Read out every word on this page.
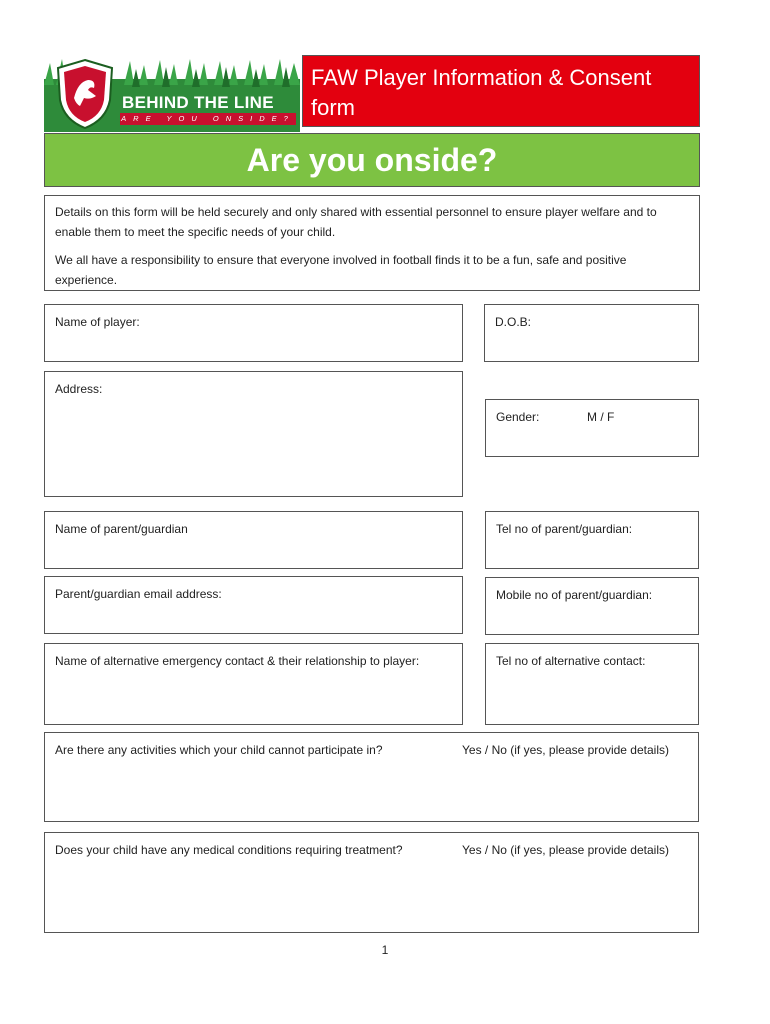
BEHIND THE LINE
ARE YOU ONSIDE?
FAW Player Information & Consent form
Are you onside?

Details on this form will be held securely and only shared with essential personnel to ensure player welfare and to enable them to meet the specific needs of your child.

We all have a responsibility to ensure that everyone involved in football finds it to be a fun, safe and positive experience.

Name of player:	D.O.B:
Address:
Gender:	M / F
Name of parent/guardian	Tel no of parent/guardian:
Parent/guardian email address:	Mobile no of parent/guardian:
Name of alternative emergency contact & their relationship to player:	Tel no of alternative contact:
Are there any activities which your child cannot participate in?	Yes / No (if yes, please provide details)
Does your child have any medical conditions requiring treatment?	Yes / No (if yes, please provide details)
1
